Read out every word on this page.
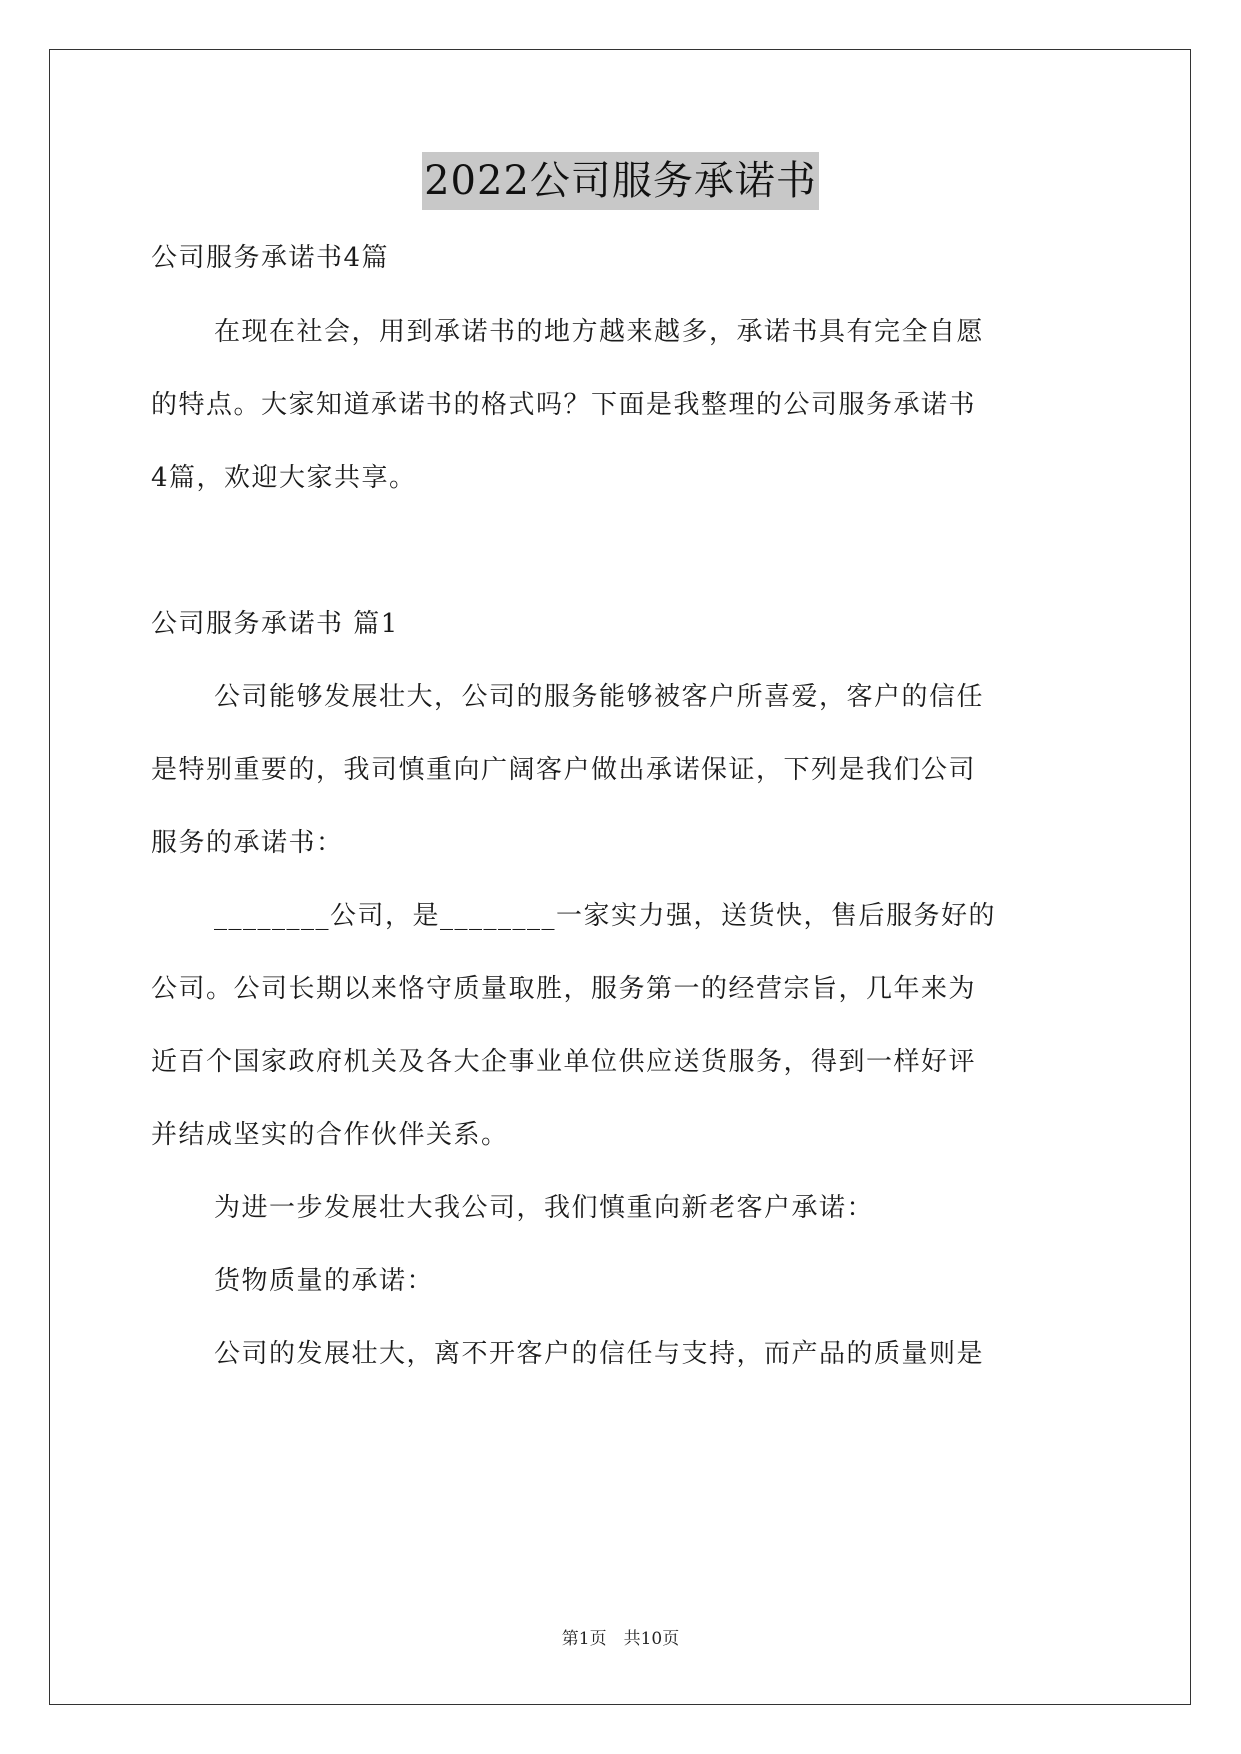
2022公司服务承诺书
公司服务承诺书4篇
在现在社会，用到承诺书的地方越来越多，承诺书具有完全自愿
的特点。大家知道承诺书的格式吗？下面是我整理的公司服务承诺书
4篇，欢迎大家共享。
公司服务承诺书 篇1
公司能够发展壮大，公司的服务能够被客户所喜爱，客户的信任
是特别重要的，我司慎重向广阔客户做出承诺保证，下列是我们公司
服务的承诺书：
________公司，是________一家实力强，送货快，售后服务好的
公司。公司长期以来恪守质量取胜，服务第一的经营宗旨，几年来为
近百个国家政府机关及各大企事业单位供应送货服务，得到一样好评
并结成坚实的合作伙伴关系。
为进一步发展壮大我公司，我们慎重向新老客户承诺：
货物质量的承诺：
公司的发展壮大，离不开客户的信任与支持，而产品的质量则是
第1页　共10页
